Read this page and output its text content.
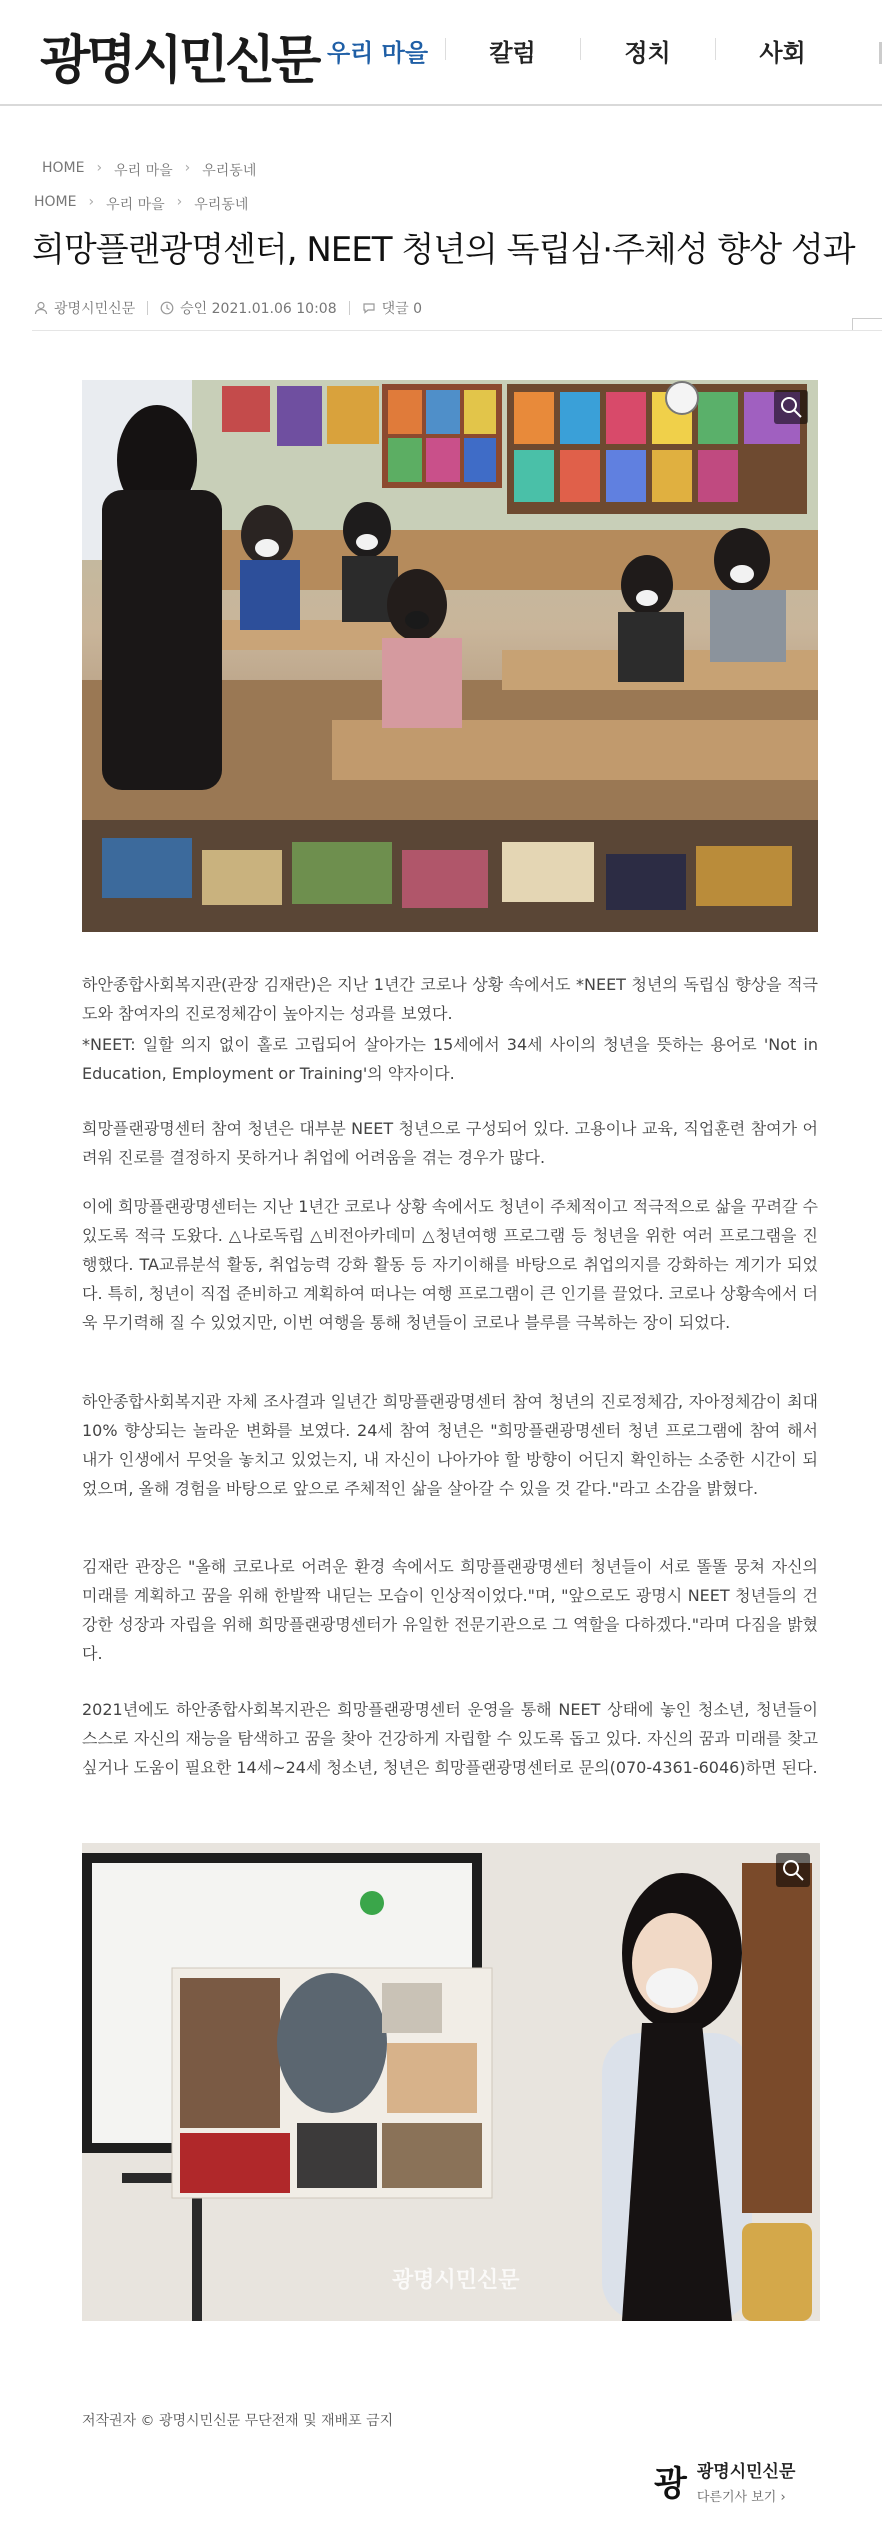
광명시민신문 우리 마을	칼럼	정치	사회
HOME › 우리 마을 › 우리동네
HOME › 우리 마을 › 우리동네
희망플랜광명센터, NEET 청년의 독립심·주체성 향상 성과
광명시민신문	승인 2021.01.06 10:08	댓글 0

하안종합사회복지관(관장 김재란)은 지난 1년간 코로나 상황 속에서도 *NEET 청년의 독립심 향상을 적극 도와 참여자의 진로정체감이 높아지는 성과를 보였다.

*NEET: 일할 의지 없이 홀로 고립되어 살아가는 15세에서 34세 사이의 청년을 뜻하는 용어로 'Not in Education, Employment or Training'의 약자이다.

희망플랜광명센터 참여 청년은 대부분 NEET 청년으로 구성되어 있다. 고용이나 교육, 직업훈련 참여가 어려워 진로를 결정하지 못하거나 취업에 어려움을 겪는 경우가 많다.

이에 희망플랜광명센터는 지난 1년간 코로나 상황 속에서도 청년이 주체적이고 적극적으로 삶을 꾸려갈 수 있도록 적극 도왔다. △나로독립 △비전아카데미 △청년여행 프로그램 등 청년을 위한 여러 프로그램을 진행했다. TA교류분석 활동, 취업능력 강화 활동 등 자기이해를 바탕으로 취업의지를 강화하는 계기가 되었다. 특히, 청년이 직접 준비하고 계획하여 떠나는 여행 프로그램이 큰 인기를 끌었다. 코로나 상황속에서 더욱 무기력해 질 수 있었지만, 이번 여행을 통해 청년들이 코로나 블루를 극복하는 장이 되었다.

하안종합사회복지관 자체 조사결과 일년간 희망플랜광명센터 참여 청년의 진로정체감, 자아정체감이 최대 10% 향상되는 놀라운 변화를 보였다. 24세 참여 청년은 "희망플랜광명센터 청년 프로그램에 참여 해서 내가 인생에서 무엇을 놓치고 있었는지, 내 자신이 나아가야 할 방향이 어딘지 확인하는 소중한 시간이 되었으며, 올해 경험을 바탕으로 앞으로 주체적인 삶을 살아갈 수 있을 것 같다."라고 소감을 밝혔다.

김재란 관장은 "올해 코로나로 어려운 환경 속에서도 희망플랜광명센터 청년들이 서로 똘똘 뭉쳐 자신의 미래를 계획하고 꿈을 위해 한발짝 내딛는 모습이 인상적이었다."며, "앞으로도 광명시 NEET 청년들의 건강한 성장과 자립을 위해 희망플랜광명센터가 유일한 전문기관으로 그 역할을 다하겠다."라며 다짐을 밝혔다.

2021년에도 하안종합사회복지관은 희망플랜광명센터 운영을 통해 NEET 상태에 놓인 청소년, 청년들이 스스로 자신의 재능을 탐색하고 꿈을 찾아 건강하게 자립할 수 있도록 돕고 있다. 자신의 꿈과 미래를 찾고 싶거나 도움이 필요한 14세~24세 청소년, 청년은 희망플랜광명센터로 문의(070-4361-6046)하면 된다.

광명시민신문
저작권자 © 광명시민신문 무단전재 및 재배포 금지
광 광명시민신문
다른기사 보기 ›
